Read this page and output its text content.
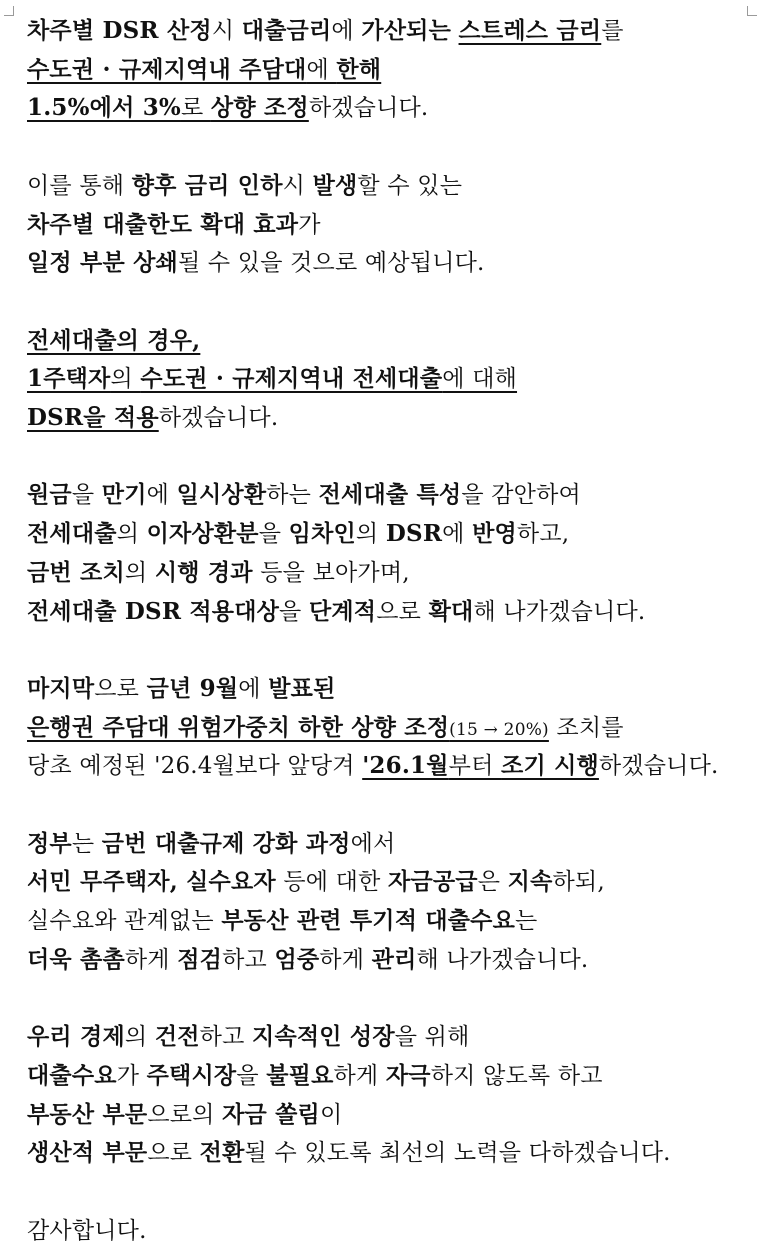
차주별 DSR 산정시 대출금리에 가산되는 스트레스 금리를
수도권 · 규제지역내 주담대에 한해
1.5%에서 3%로 상향 조정하겠습니다.
이를 통해 향후 금리 인하시 발생할 수 있는
차주별 대출한도 확대 효과가
일정 부분 상쇄될 수 있을 것으로 예상됩니다.
전세대출의 경우,
1주택자의 수도권 · 규제지역내 전세대출에 대해
DSR을 적용하겠습니다.
원금을 만기에 일시상환하는 전세대출 특성을 감안하여
전세대출의 이자상환분을 임차인의 DSR에 반영하고,
금번 조치의 시행 경과 등을 보아가며,
전세대출 DSR 적용대상을 단계적으로 확대해 나가겠습니다.
마지막으로 금년 9월에 발표된
은행권 주담대 위험가중치 하한 상향 조정(15 → 20%) 조치를
당초 예정된 '26.4월보다 앞당겨 '26.1월부터 조기 시행하겠습니다.
정부는 금번 대출규제 강화 과정에서
서민 무주택자, 실수요자 등에 대한 자금공급은 지속하되,
실수요와 관계없는 부동산 관련 투기적 대출수요는
더욱 촘촘하게 점검하고 엄중하게 관리해 나가겠습니다.
우리 경제의 건전하고 지속적인 성장을 위해
대출수요가 주택시장을 불필요하게 자극하지 않도록 하고
부동산 부문으로의 자금 쏠림이
생산적 부문으로 전환될 수 있도록 최선의 노력을 다하겠습니다.
감사합니다.
